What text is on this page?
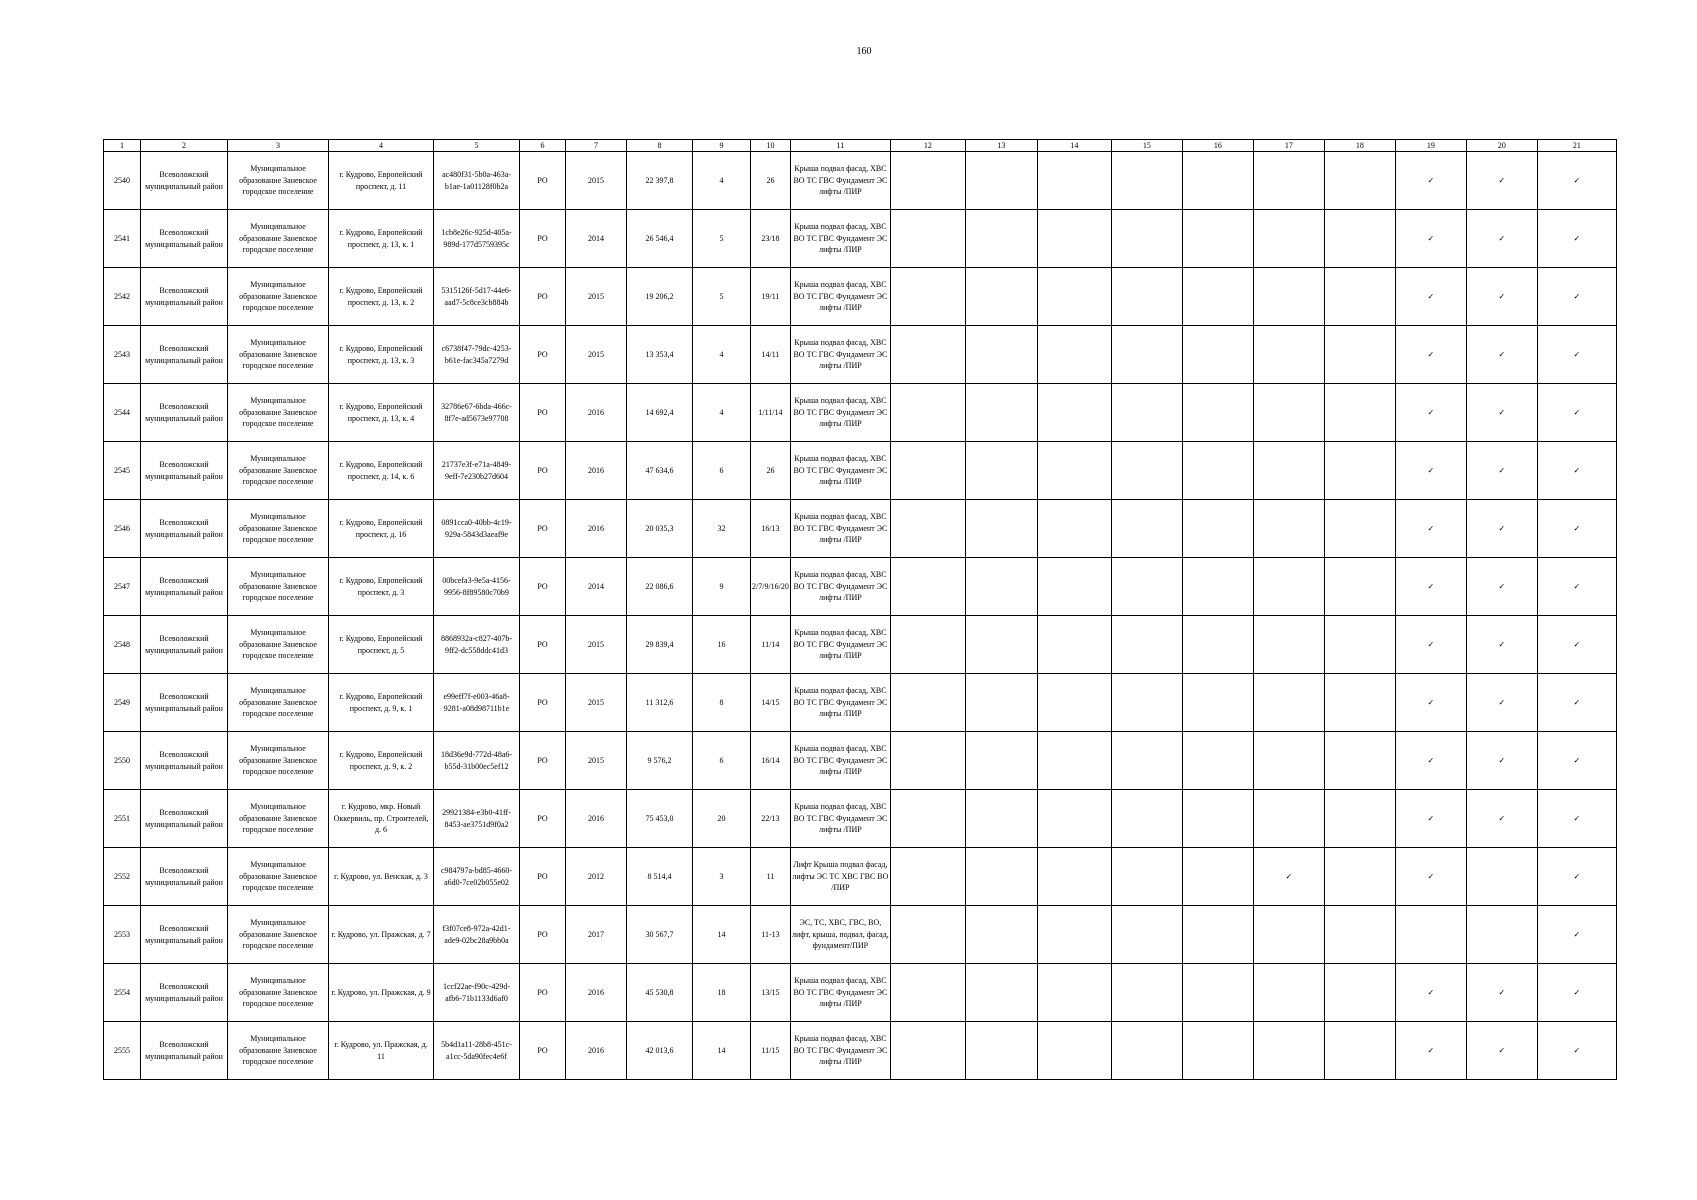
160
1	2	3	4	5	6	7	8	9	10	11	12	13	14	15	16	17	18	19	20	21
2540	Всеволожский муниципальный район	Муниципальное образование Заневское городское поселение	г. Кудрово, Европейский проспект, д. 11	ac480f31-5b0a-463a-b1ae-1a01128f0b2a	РО	2015	22 397,8	4	26	Крыша подвал фасад, ХВС ВО ТС ГВС Фундамент ЭС лифты /ПИР								✓	✓	✓
2541	Всеволожский муниципальный район	Муниципальное образование Заневское городское поселение	г. Кудрово, Европейский проспект, д. 13, к. 1	1cb8e26c-925d-405a-989d-177d5759395c	РО	2014	26 546,4	5	23/18	Крыша подвал фасад, ХВС ВО ТС ГВС Фундамент ЭС лифты /ПИР								✓	✓	✓
2542	Всеволожский муниципальный район	Муниципальное образование Заневское городское поселение	г. Кудрово, Европейский проспект, д. 13, к. 2	5315126f-5d17-44e6-aad7-5c8ce3cb884b	РО	2015	19 206,2	5	19/11	Крыша подвал фасад, ХВС ВО ТС ГВС Фундамент ЭС лифты /ПИР								✓	✓	✓
2543	Всеволожский муниципальный район	Муниципальное образование Заневское городское поселение	г. Кудрово, Европейский проспект, д. 13, к. 3	c6738f47-79dc-4253-b61e-fac345a7279d	РО	2015	13 353,4	4	14/11	Крыша подвал фасад, ХВС ВО ТС ГВС Фундамент ЭС лифты /ПИР								✓	✓	✓
2544	Всеволожский муниципальный район	Муниципальное образование Заневское городское поселение	г. Кудрово, Европейский проспект, д. 13, к. 4	32786e67-6bda-466c-8f7e-ad5673e97708	РО	2016	14 692,4	4	1/11/14	Крыша подвал фасад, ХВС ВО ТС ГВС Фундамент ЭС лифты /ПИР								✓	✓	✓
2545	Всеволожский муниципальный район	Муниципальное образование Заневское городское поселение	г. Кудрово, Европейский проспект, д. 14, к. 6	21737e3f-e71a-4849-9eff-7e230b27d604	РО	2016	47 634,6	6	26	Крыша подвал фасад, ХВС ВО ТС ГВС Фундамент ЭС лифты /ПИР								✓	✓	✓
2546	Всеволожский муниципальный район	Муниципальное образование Заневское городское поселение	г. Кудрово, Европейский проспект, д. 16	0891cca0-40bb-4c19-929a-5843d3aeaf9e	РО	2016	20 035,3	32	16/13	Крыша подвал фасад, ХВС ВО ТС ГВС Фундамент ЭС лифты /ПИР								✓	✓	✓
2547	Всеволожский муниципальный район	Муниципальное образование Заневское городское поселение	г. Кудрово, Европейский проспект, д. 3	00bcefa3-9e5a-4156-9956-8f89580c70b9	РО	2014	22 086,6	9	2/7/9/16/20	Крыша подвал фасад, ХВС ВО ТС ГВС Фундамент ЭС лифты /ПИР								✓	✓	✓
2548	Всеволожский муниципальный район	Муниципальное образование Заневское городское поселение	г. Кудрово, Европейский проспект, д. 5	8868932a-c827-407b-9ff2-dc558ddc41d3	РО	2015	29 839,4	16	11/14	Крыша подвал фасад, ХВС ВО ТС ГВС Фундамент ЭС лифты /ПИР								✓	✓	✓
2549	Всеволожский муниципальный район	Муниципальное образование Заневское городское поселение	г. Кудрово, Европейский проспект, д. 9, к. 1	e99eff7f-e003-46a8-9281-a08d98711b1e	РО	2015	11 312,6	8	14/15	Крыша подвал фасад, ХВС ВО ТС ГВС Фундамент ЭС лифты /ПИР								✓	✓	✓
2550	Всеволожский муниципальный район	Муниципальное образование Заневское городское поселение	г. Кудрово, Европейский проспект, д. 9, к. 2	18d36e9d-772d-48a6-b55d-31b00ec5ef12	РО	2015	9 576,2	6	16/14	Крыша подвал фасад, ХВС ВО ТС ГВС Фундамент ЭС лифты /ПИР								✓	✓	✓
2551	Всеволожский муниципальный район	Муниципальное образование Заневское городское поселение	г. Кудрово, мкр. Новый Оккервиль, пр. Строителей, д. 6	29921384-e3b0-41ff-8453-ae3751d9f0a2	РО	2016	75 453,0	20	22/13	Крыша подвал фасад, ХВС ВО ТС ГВС Фундамент ЭС лифты /ПИР								✓	✓	✓
2552	Всеволожский муниципальный район	Муниципальное образование Заневское городское поселение	г. Кудрово, ул. Венская, д. 3	c984797a-bd85-4660-a6d0-7ce02b055e02	РО	2012	8 514,4	3	11	Лифт Крыша подвал фасад, лифты ЭС ТС ХВС ГВС ВО /ПИР						✓		✓		✓
2553	Всеволожский муниципальный район	Муниципальное образование Заневское городское поселение	г. Кудрово, ул. Пражская, д. 7	f3f07ce8-972a-42d1-ade9-02bc28a9bb0a	РО	2017	30 567,7	14	11-13	ЭС, ТС, ХВС, ГВС, ВО, лифт, крыша, подвал, фасад, фундамент/ПИР										✓
2554	Всеволожский муниципальный район	Муниципальное образование Заневское городское поселение	г. Кудрово, ул. Пражская, д. 9	1ccf22ae-f90c-429d-afb6-71b1133d6af0	РО	2016	45 530,8	18	13/15	Крыша подвал фасад, ХВС ВО ТС ГВС Фундамент ЭС лифты /ПИР								✓	✓	✓
2555	Всеволожский муниципальный район	Муниципальное образование Заневское городское поселение	г. Кудрово, ул. Пражская, д. 11	5b4d1a11-28b8-451c-a1cc-5da90fec4e6f	РО	2016	42 013,6	14	11/15	Крыша подвал фасад, ХВС ВО ТС ГВС Фундамент ЭС лифты /ПИР								✓	✓	✓
